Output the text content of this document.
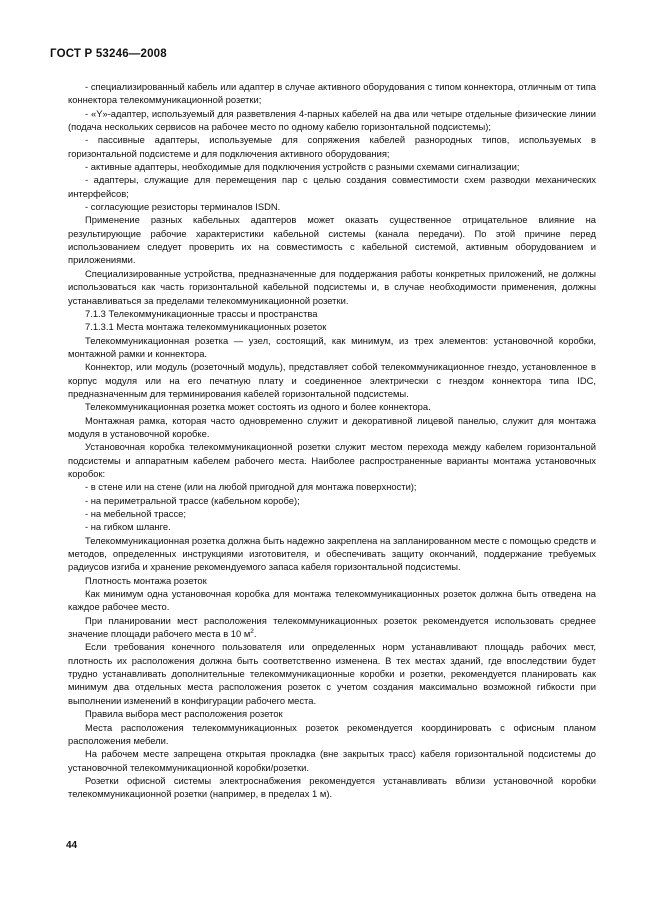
ГОСТ Р 53246—2008

- специализированный кабель или адаптер в случае активного оборудования с типом коннектора, отличным от типа коннектора телекоммуникационной розетки;

- «Y»-адаптер, используемый для разветвления 4-парных кабелей на два или четыре отдельные физические линии (подача нескольких сервисов на рабочее место по одному кабелю горизонтальной подсистемы);

- пассивные адаптеры, используемые для сопряжения кабелей разнородных типов, используемых в горизонтальной подсистеме и для подключения активного оборудования;

- активные адаптеры, необходимые для подключения устройств с разными схемами сигнализации;

- адаптеры, служащие для перемещения пар с целью создания совместимости схем разводки механических интерфейсов;

- согласующие резисторы терминалов ISDN.

Применение разных кабельных адаптеров может оказать существенное отрицательное влияние на результирующие рабочие характеристики кабельной системы (канала передачи). По этой причине перед использованием следует проверить их на совместимость с кабельной системой, активным оборудованием и приложениями.

Специализированные устройства, предназначенные для поддержания работы конкретных приложений, не должны использоваться как часть горизонтальной кабельной подсистемы и, в случае необходимости применения, должны устанавливаться за пределами телекоммуникационной розетки.

7.1.3 Телекоммуникационные трассы и пространства

7.1.3.1 Места монтажа телекоммуникационных розеток

Телекоммуникационная розетка — узел, состоящий, как минимум, из трех элементов: установочной коробки, монтажной рамки и коннектора.

Коннектор, или модуль (розеточный модуль), представляет собой телекоммуникационное гнездо, установленное в корпус модуля или на его печатную плату и соединенное электрически с гнездом коннектора типа IDC, предназначенным для терминирования кабелей горизонтальной подсистемы.

Телекоммуникационная розетка может состоять из одного и более коннектора.

Монтажная рамка, которая часто одновременно служит и декоративной лицевой панелью, служит для монтажа модуля в установочной коробке.

Установочная коробка телекоммуникационной розетки служит местом перехода между кабелем горизонтальной подсистемы и аппаратным кабелем рабочего места. Наиболее распространенные варианты монтажа установочных коробок:

- в стене или на стене (или на любой пригодной для монтажа поверхности);

- на периметральной трассе (кабельном коробе);

- на мебельной трассе;

- на гибком шланге.

Телекоммуникационная розетка должна быть надежно закреплена на запланированном месте с помощью средств и методов, определенных инструкциями изготовителя, и обеспечивать защиту окончаний, поддержание требуемых радиусов изгиба и хранение рекомендуемого запаса кабеля горизонтальной подсистемы.

Плотность монтажа розеток

Как минимум одна установочная коробка для монтажа телекоммуникационных розеток должна быть отведена на каждое рабочее место.

При планировании мест расположения телекоммуникационных розеток рекомендуется использовать среднее значение площади рабочего места в 10 $м^2$.

Если требования конечного пользователя или определенных норм устанавливают площадь рабочих мест, плотность их расположения должна быть соответственно изменена. В тех местах зданий, где впоследствии будет трудно устанавливать дополнительные телекоммуникационные коробки и розетки, рекомендуется планировать как минимум два отдельных места расположения розеток с учетом создания максимально возможной гибкости при выполнении изменений в конфигурации рабочего места.

Правила выбора мест расположения розеток

Места расположения телекоммуникационных розеток рекомендуется координировать с офисным планом расположения мебели.

На рабочем месте запрещена открытая прокладка (вне закрытых трасс) кабеля горизонтальной подсистемы до установочной телекоммуникационной коробки/розетки.

Розетки офисной системы электроснабжения рекомендуется устанавливать вблизи установочной коробки телекоммуникационной розетки (например, в пределах 1 м).

44
